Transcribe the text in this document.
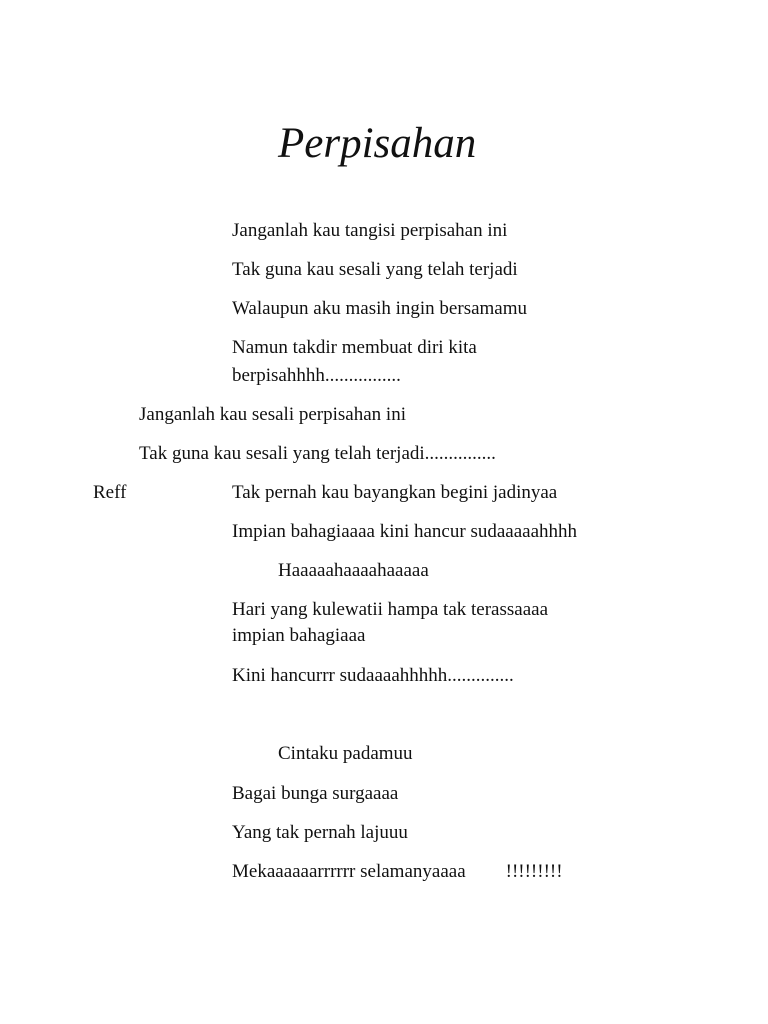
Perpisahan
Janganlah kau tangisi perpisahan ini
Tak guna kau sesali yang telah terjadi
Walaupun aku masih ingin bersamamu
Namun takdir membuat diri kita
berpisahhhh................
Janganlah kau sesali perpisahan ini
Tak guna kau sesali yang telah terjadi...............
Reff	Tak pernah kau bayangkan begini jadinyaa
Impian bahagiaaaa kini hancur sudaaaaahhhh
Haaaaahaaaahaaaaa
Hari yang kulewatii hampa tak terassaaaa
impian bahagiaaa
Kini hancurrr sudaaaahhhhh..............
Cintaku padamuu
Bagai bunga surgaaaa
Yang tak pernah lajuuu
Mekaaaaaarrrrrr selamanyaaaa !!!!!!!!!
